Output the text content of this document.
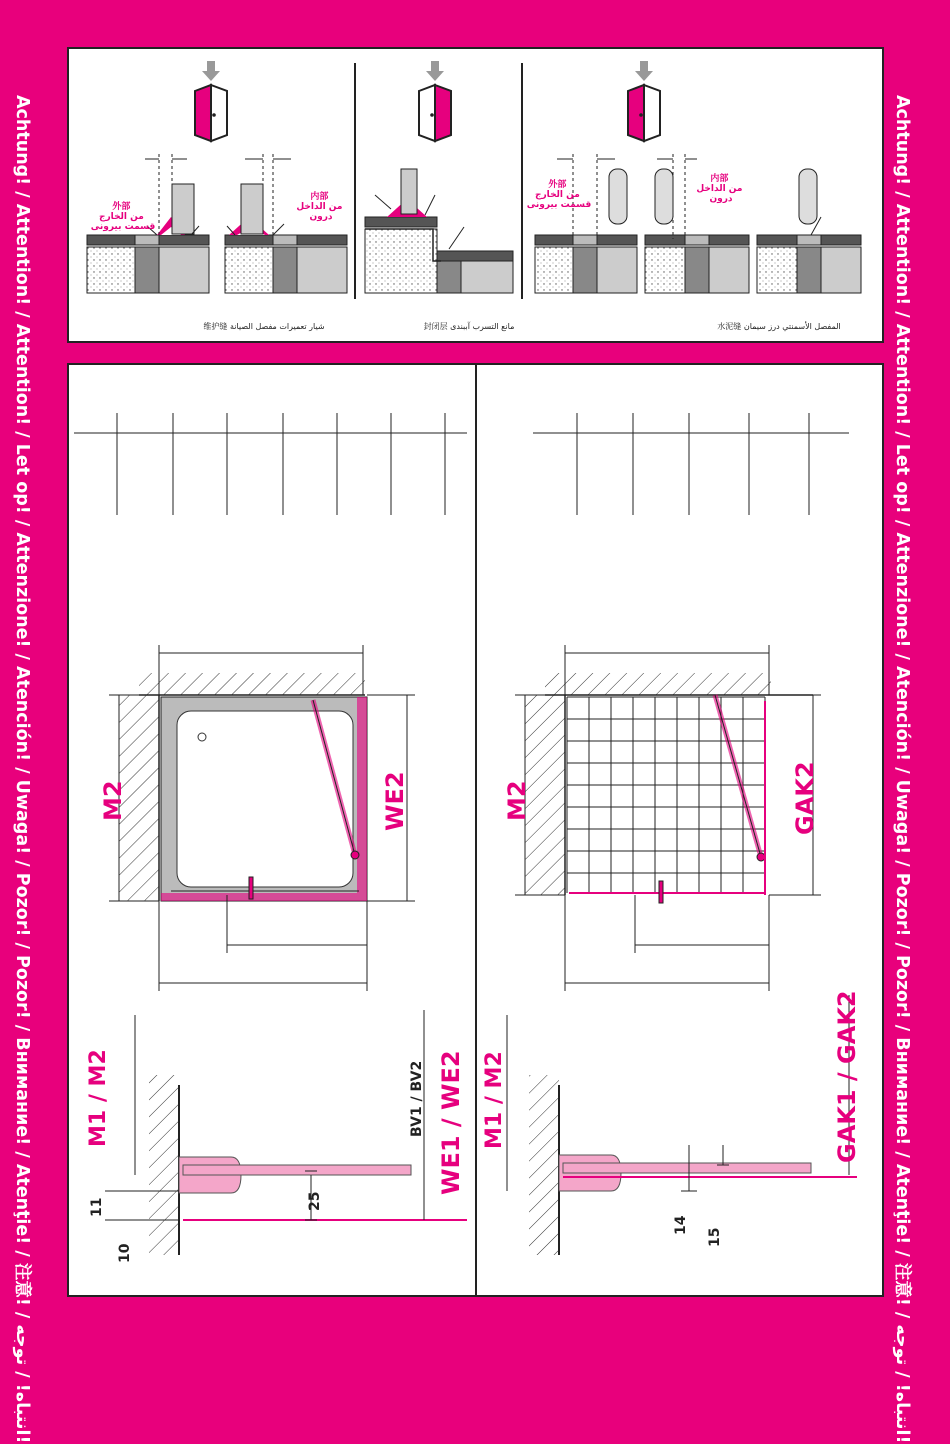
Achtung! / Attention! / Attention! / Let op! / Attenzione! / Atención! / Uwaga! / Pozor! / Pozor! / Внимание! / Atenţie! / 注意! / انتباه! / توجه!
Achtung! / Attention! / Attention! / Let op! / Attenzione! / Atención! / Uwaga! / Pozor! / Pozor! / Внимание! / Atenţie! / 注意! / انتباه! / توجه!
外部 من الخارج قسمت بیرونی
内部 من الداخل درون
维护缝 شيار تعميرات مفصل الصيانة	封闭层 مانع التسرب آببندی
外部 من الخارج قسمت بیرونی
内部 من الداخل درون
水泥缝 المفصل الأسمنتي درز سیمان
M2	WE2
M1 / M2	BV1 / BV2 WE1 / WE2
25
11
10
M2	GAK2
M1 / M2	GAK1 / GAK2
14
15
